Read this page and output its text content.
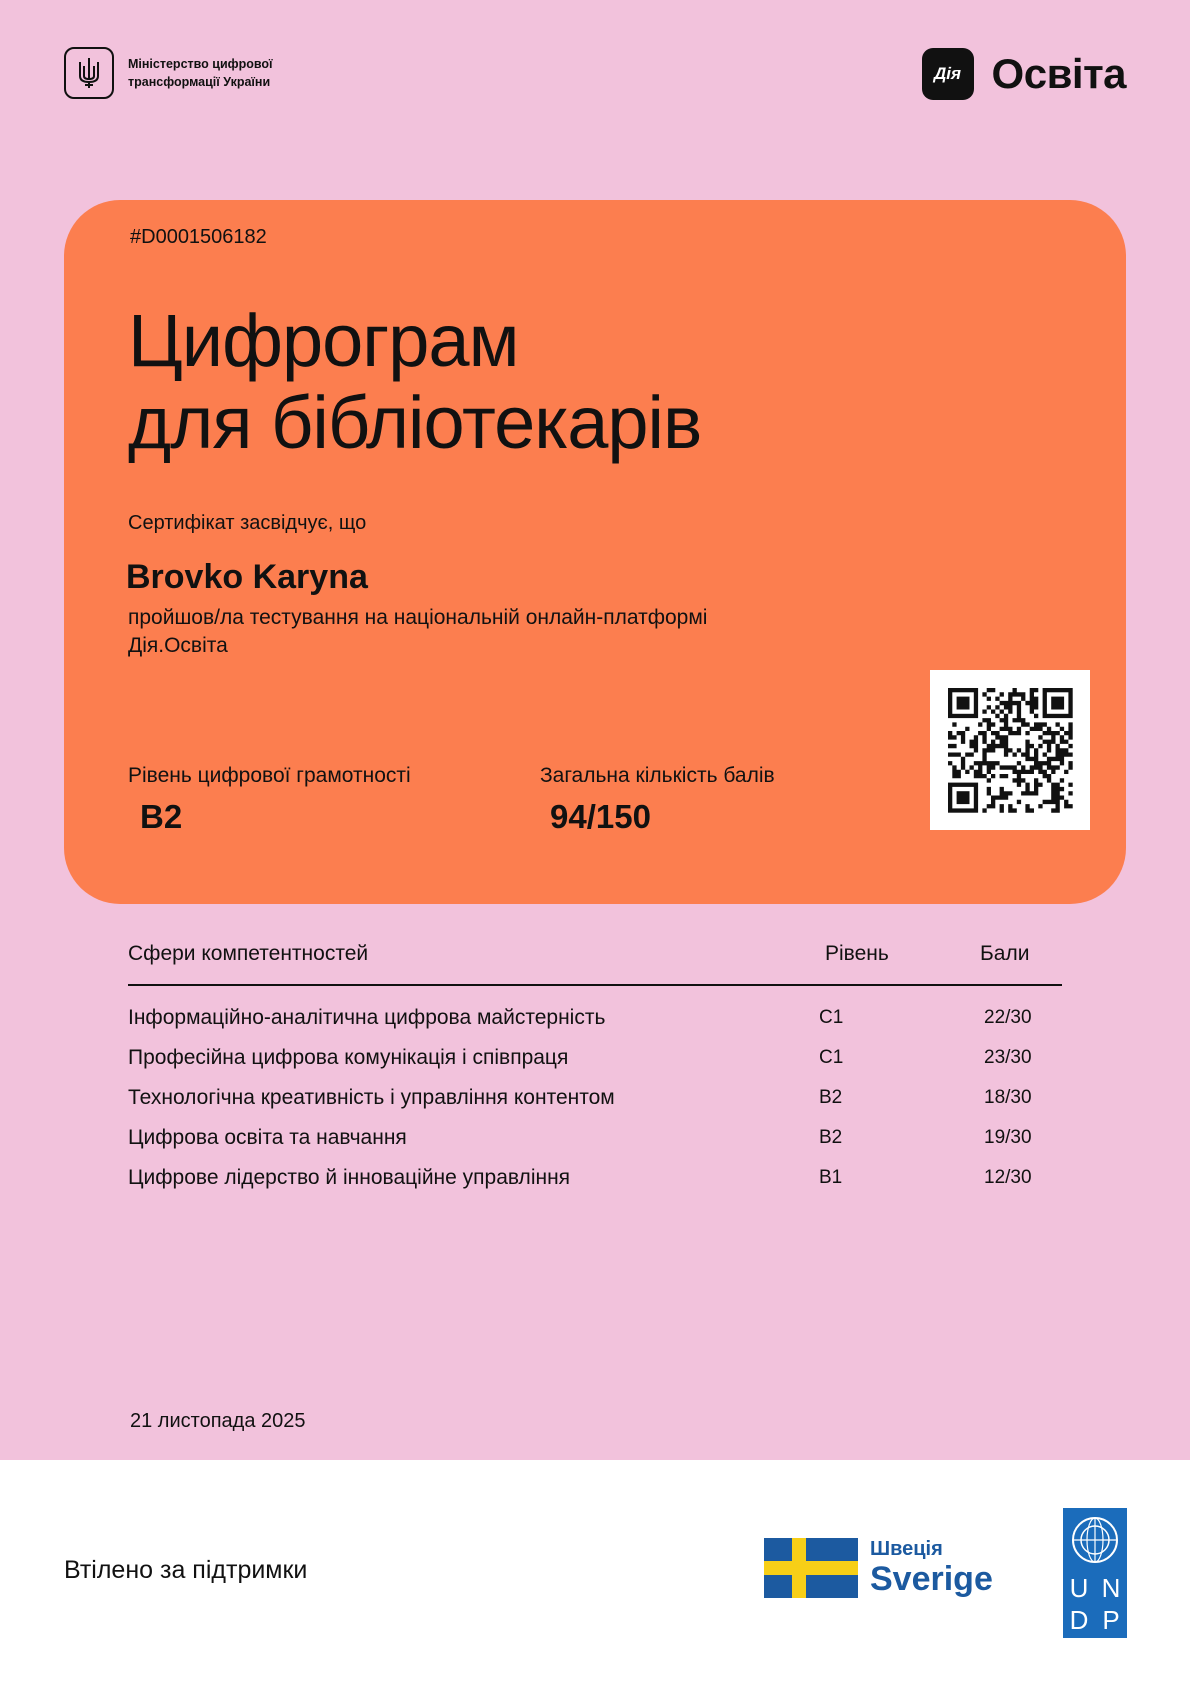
Міністерство цифрової трансформації України	Дія Освіта
#D0001506182
Цифрограм
для бібліотекарів
Сертифікат засвідчує, що
Brovko Karyna
пройшов/ла тестування на національній онлайн-платформі Дія.Освіта
Рівень цифрової грамотності
B2
Загальна кількість балів
94/150
Сфери компетентностей	Рівень	Бали
Інформаційно-аналітична цифрова майстерність	C1	22/30
Професійна цифрова комунікація і співпраця	C1	23/30
Технологічна креативність і управління контентом	B2	18/30
Цифрова освіта та навчання	B2	19/30
Цифрове лідерство й інноваційне управління	B1	12/30
21 листопада 2025
Втілено за підтримки
Швеція
Sverige	U N
D P
